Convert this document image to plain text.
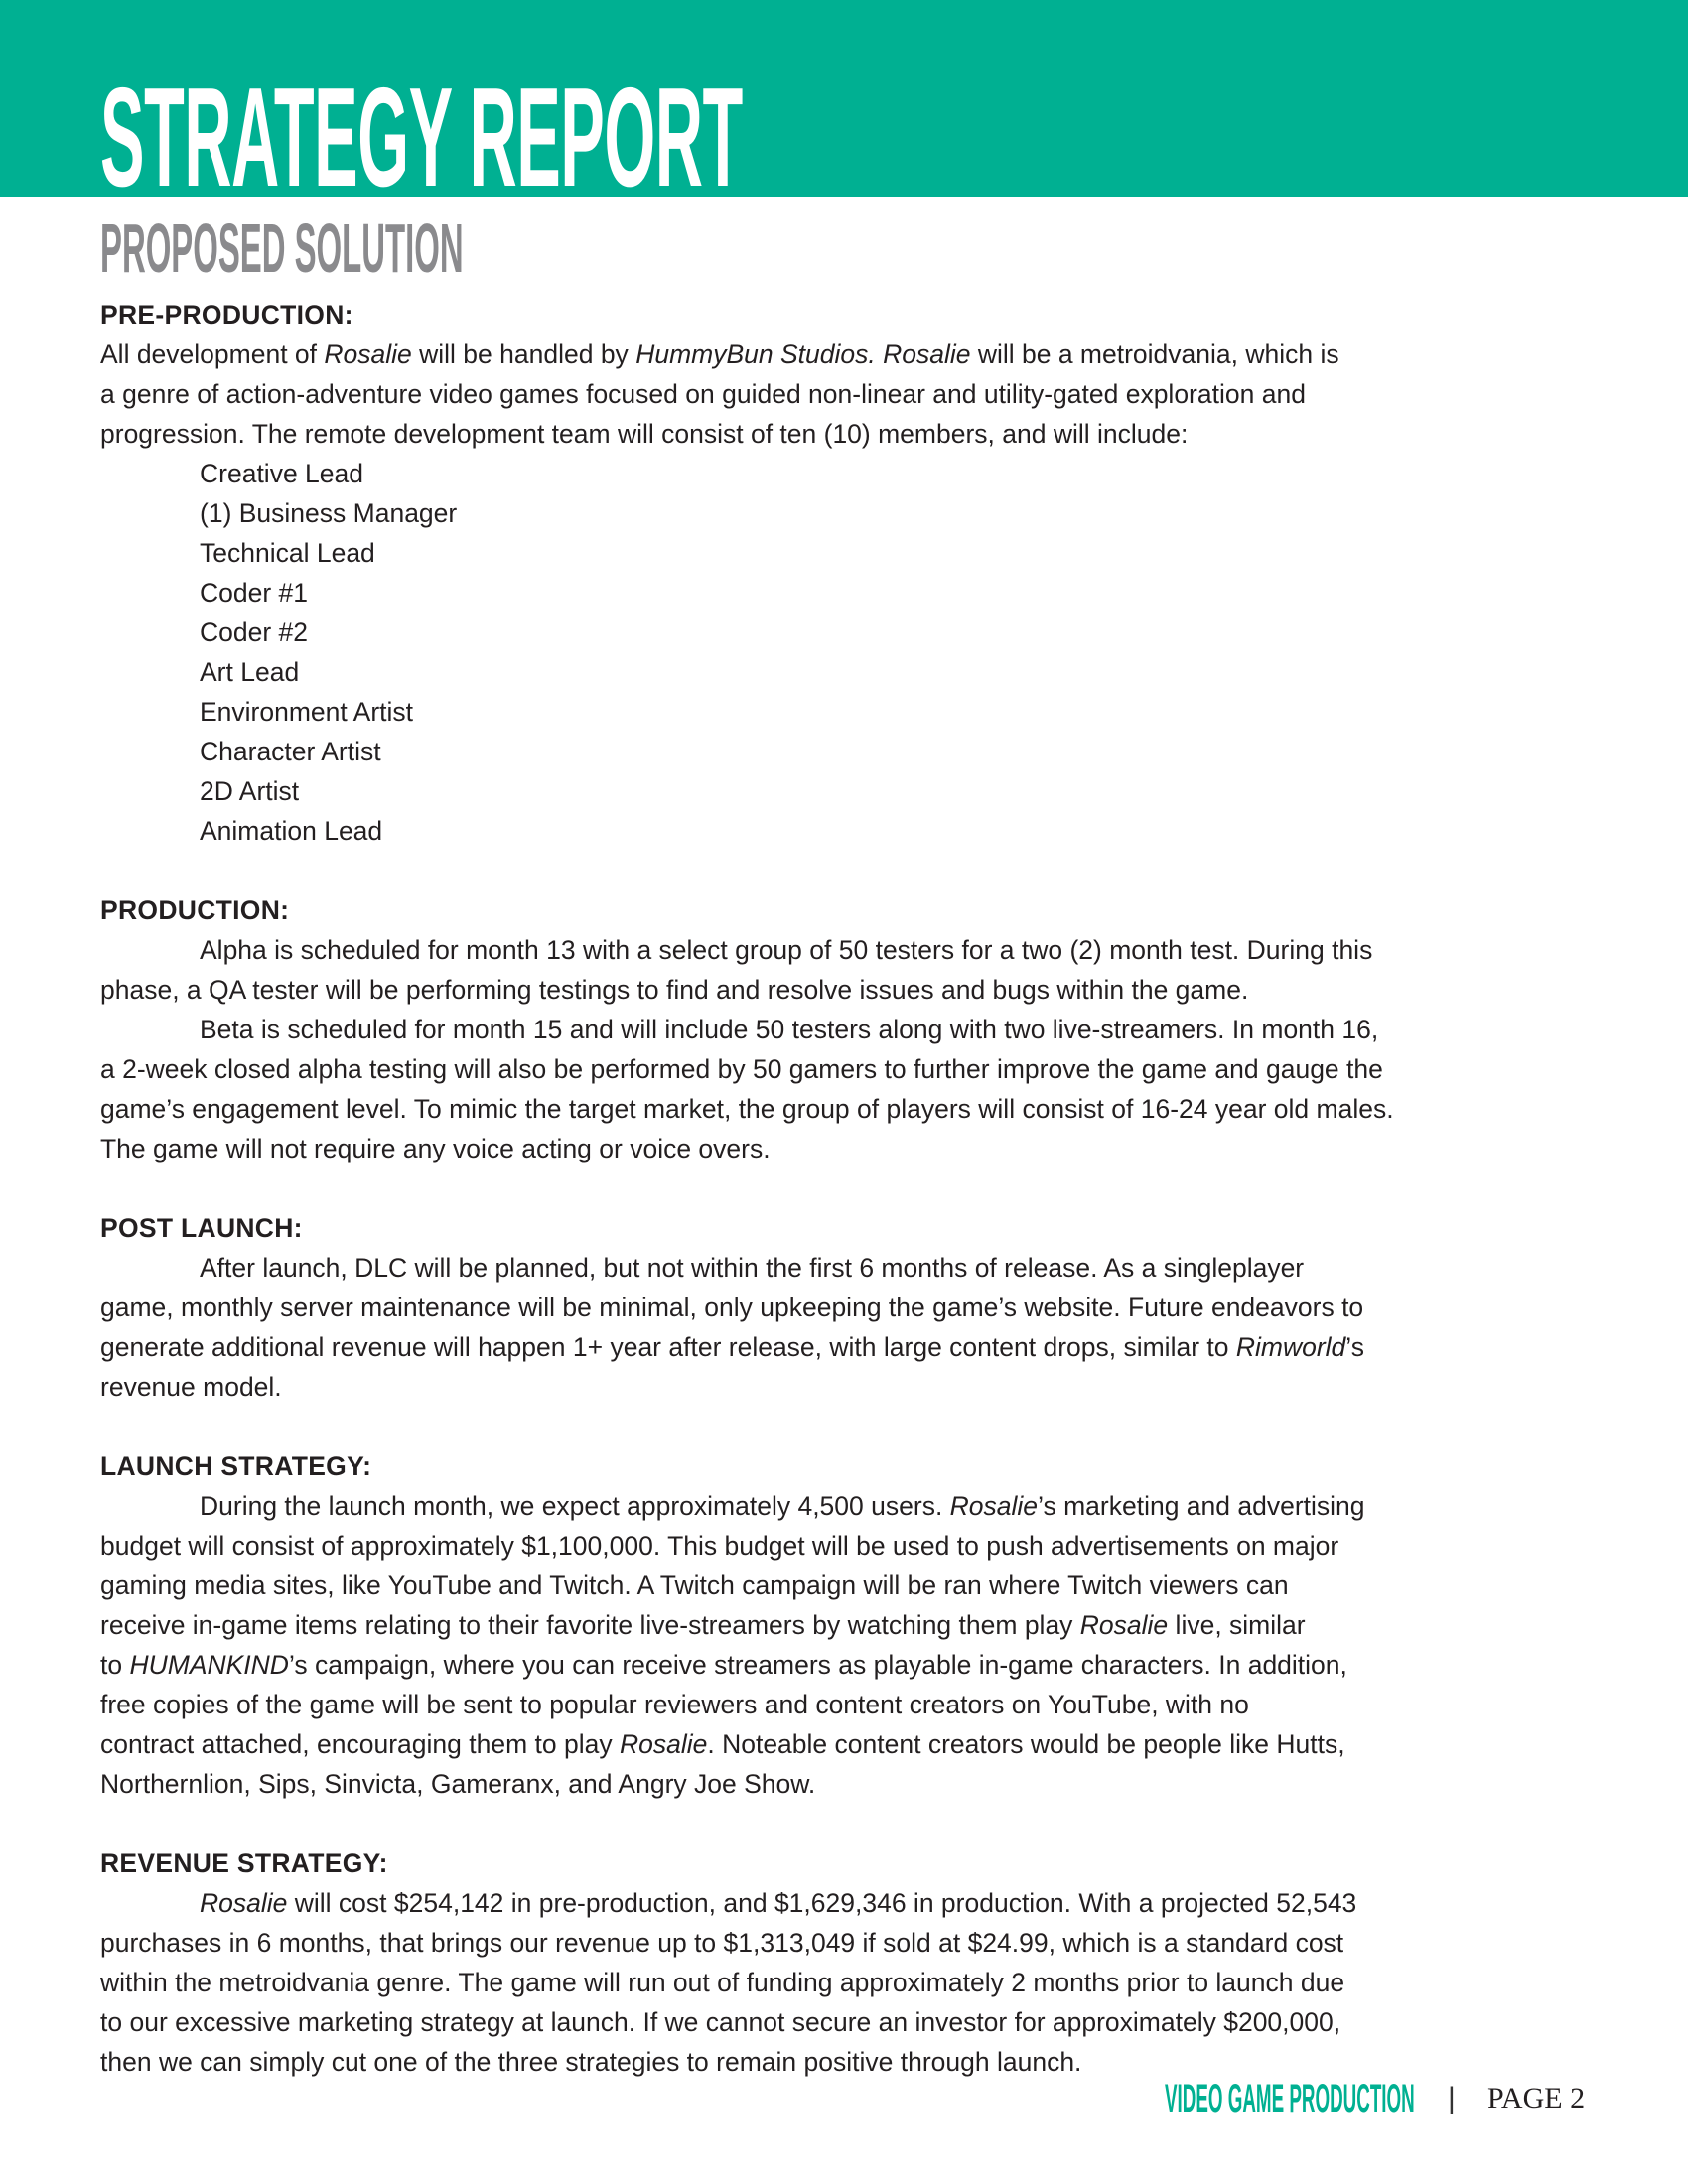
STRATEGY REPORT
PROPOSED SOLUTION
PRE-PRODUCTION:
All development of Rosalie will be handled by HummyBun Studios. Rosalie will be a metroidvania, which is
a genre of action-adventure video games focused on guided non-linear and utility-gated exploration and
progression. The remote development team will consist of ten (10) members, and will include:
Creative Lead
(1) Business Manager
Technical Lead
Coder #1
Coder #2
Art Lead
Environment Artist
Character Artist
2D Artist
Animation Lead
PRODUCTION:
Alpha is scheduled for month 13 with a select group of 50 testers for a two (2) month test. During this
phase, a QA tester will be performing testings to find and resolve issues and bugs within the game.
Beta is scheduled for month 15 and will include 50 testers along with two live-streamers. In month 16,
a 2-week closed alpha testing will also be performed by 50 gamers to further improve the game and gauge the
game’s engagement level. To mimic the target market, the group of players will consist of 16-24 year old males.
The game will not require any voice acting or voice overs.
POST LAUNCH:
After launch, DLC will be planned, but not within the first 6 months of release. As a singleplayer
game, monthly server maintenance will be minimal, only upkeeping the game’s website. Future endeavors to
generate additional revenue will happen 1+ year after release, with large content drops, similar to Rimworld’s
revenue model.
LAUNCH STRATEGY:
During the launch month, we expect approximately 4,500 users. Rosalie’s marketing and advertising
budget will consist of approximately $1,100,000. This budget will be used to push advertisements on major
gaming media sites, like YouTube and Twitch. A Twitch campaign will be ran where Twitch viewers can
receive in-game items relating to their favorite live-streamers by watching them play Rosalie live, similar
to HUMANKIND’s campaign, where you can receive streamers as playable in-game characters. In addition,
free copies of the game will be sent to popular reviewers and content creators on YouTube, with no
contract attached, encouraging them to play Rosalie. Noteable content creators would be people like Hutts,
Northernlion, Sips, Sinvicta, Gameranx, and Angry Joe Show.
REVENUE STRATEGY:
Rosalie will cost $254,142 in pre-production, and $1,629,346 in production. With a projected 52,543
purchases in 6 months, that brings our revenue up to $1,313,049 if sold at $24.99, which is a standard cost
within the metroidvania genre. The game will run out of funding approximately 2 months prior to launch due
to our excessive marketing strategy at launch. If we cannot secure an investor for approximately $200,000,
then we can simply cut one of the three strategies to remain positive through launch.
VIDEO GAME PRODUCTION | PAGE 2
